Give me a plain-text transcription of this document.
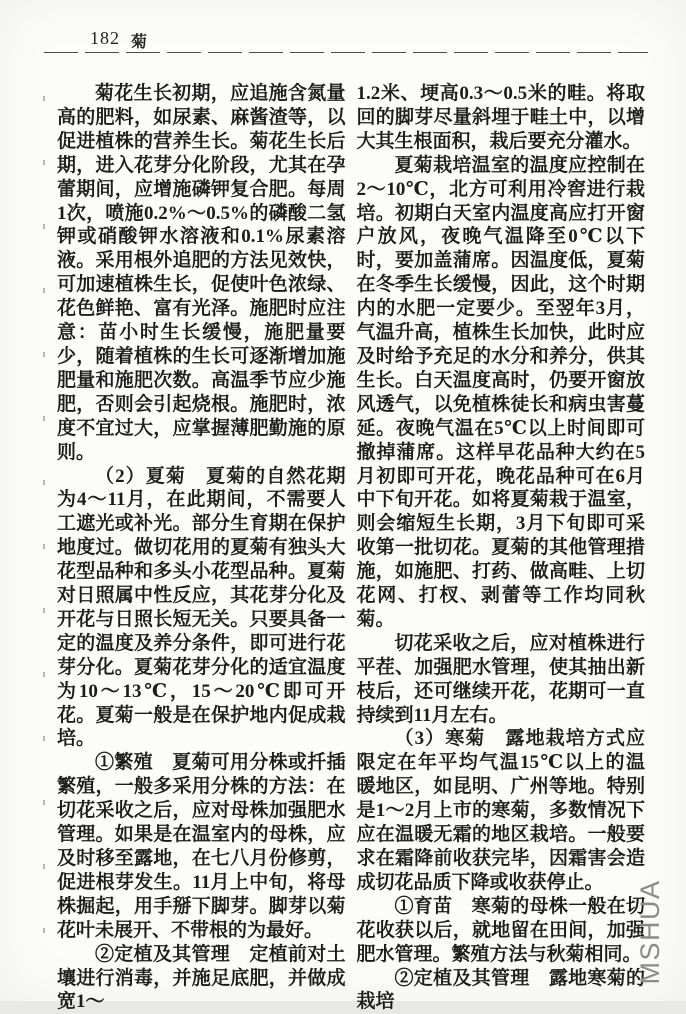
182 菊

菊花生长初期，应追施含氮量高的肥料，如尿素、麻酱渣等，以促进植株的营养生长。菊花生长后期，进入花芽分化阶段，尤其在孕蕾期间，应增施磷钾复合肥。每周1次，喷施0.2%～0.5%的磷酸二氢钾或硝酸钾水溶液和0.1%尿素溶液。采用根外追肥的方法见效快，可加速植株生长，促使叶色浓绿、花色鲜艳、富有光泽。施肥时应注意：苗小时生长缓慢，施肥量要少，随着植株的生长可逐渐增加施肥量和施肥次数。高温季节应少施肥，否则会引起烧根。施肥时，浓度不宜过大，应掌握薄肥勤施的原则。

（2）夏菊　夏菊的自然花期为4～11月，在此期间，不需要人工遮光或补光。部分生育期在保护地度过。做切花用的夏菊有独头大花型品种和多头小花型品种。夏菊对日照属中性反应，其花芽分化及开花与日照长短无关。只要具备一定的温度及养分条件，即可进行花芽分化。夏菊花芽分化的适宜温度为10～13℃，15～20℃即可开花。夏菊一般是在保护地内促成栽培。

①繁殖　夏菊可用分株或扦插繁殖，一般多采用分株的方法：在切花采收之后，应对母株加强肥水管理。如果是在温室内的母株，应及时移至露地，在七八月份修剪，促进根芽发生。11月上中旬，将母株掘起，用手掰下脚芽。脚芽以菊花叶未展开、不带根的为最好。

②定植及其管理　定植前对土壤进行消毒，并施足底肥，并做成宽1～

1.2米、埂高0.3～0.5米的畦。将取回的脚芽尽量斜埋于畦土中，以增大其生根面积，栽后要充分灌水。

夏菊栽培温室的温度应控制在2～10℃，北方可利用冷窖进行栽培。初期白天室内温度高应打开窗户放风，夜晚气温降至0℃以下时，要加盖蒲席。因温度低，夏菊在冬季生长缓慢，因此，这个时期内的水肥一定要少。至翌年3月，气温升高，植株生长加快，此时应及时给予充足的水分和养分，供其生长。白天温度高时，仍要开窗放风透气，以免植株徒长和病虫害蔓延。夜晚气温在5℃以上时间即可撤掉蒲席。这样早花品种大约在5月初即可开花，晚花品种可在6月中下旬开花。如将夏菊栽于温室，则会缩短生长期，3月下旬即可采收第一批切花。夏菊的其他管理措施，如施肥、打药、做高畦、上切花网、打杈、剥蕾等工作均同秋菊。

切花采收之后，应对植株进行平茬、加强肥水管理，使其抽出新枝后，还可继续开花，花期可一直持续到11月左右。

（3）寒菊　露地栽培方式应限定在年平均气温15℃以上的温暖地区，如昆明、广州等地。特别是1～2月上市的寒菊，多数情况下应在温暖无霜的地区栽培。一般要求在霜降前收获完毕，因霜害会造成切花品质下降或收获停止。

①育苗　寒菊的母株一般在切花收获以后，就地留在田间，加强肥水管理。繁殖方法与秋菊相同。

②定植及其管理　露地寒菊的栽培

MSHUA
